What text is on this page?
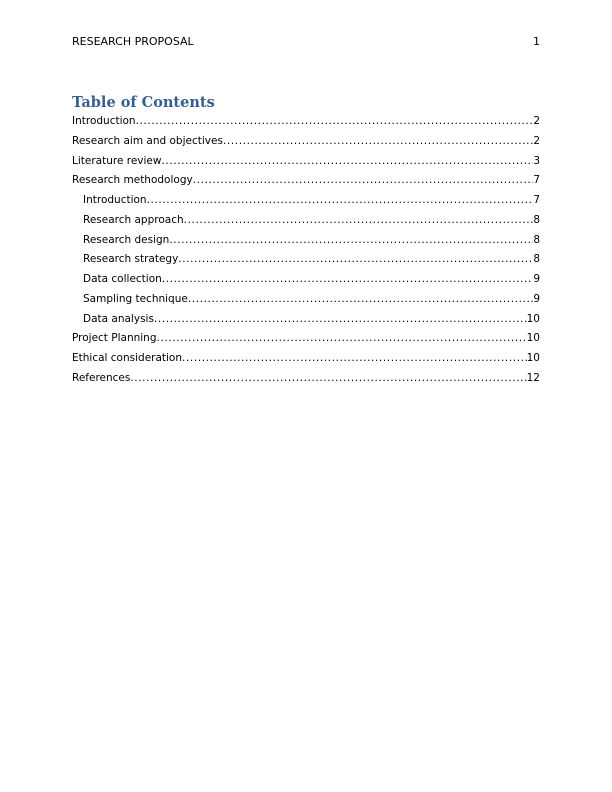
RESEARCH PROPOSAL	1
Table of Contents
Introduction .....	2
Research aim and objectives .....	2
Literature review .....	3
Research methodology .....	7
Introduction .....	7
Research approach .....	8
Research design .....	8
Research strategy .....	8
Data collection .....	9
Sampling technique .....	9
Data analysis .....	10
Project Planning .....	10
Ethical consideration .....	10
References .....	12
